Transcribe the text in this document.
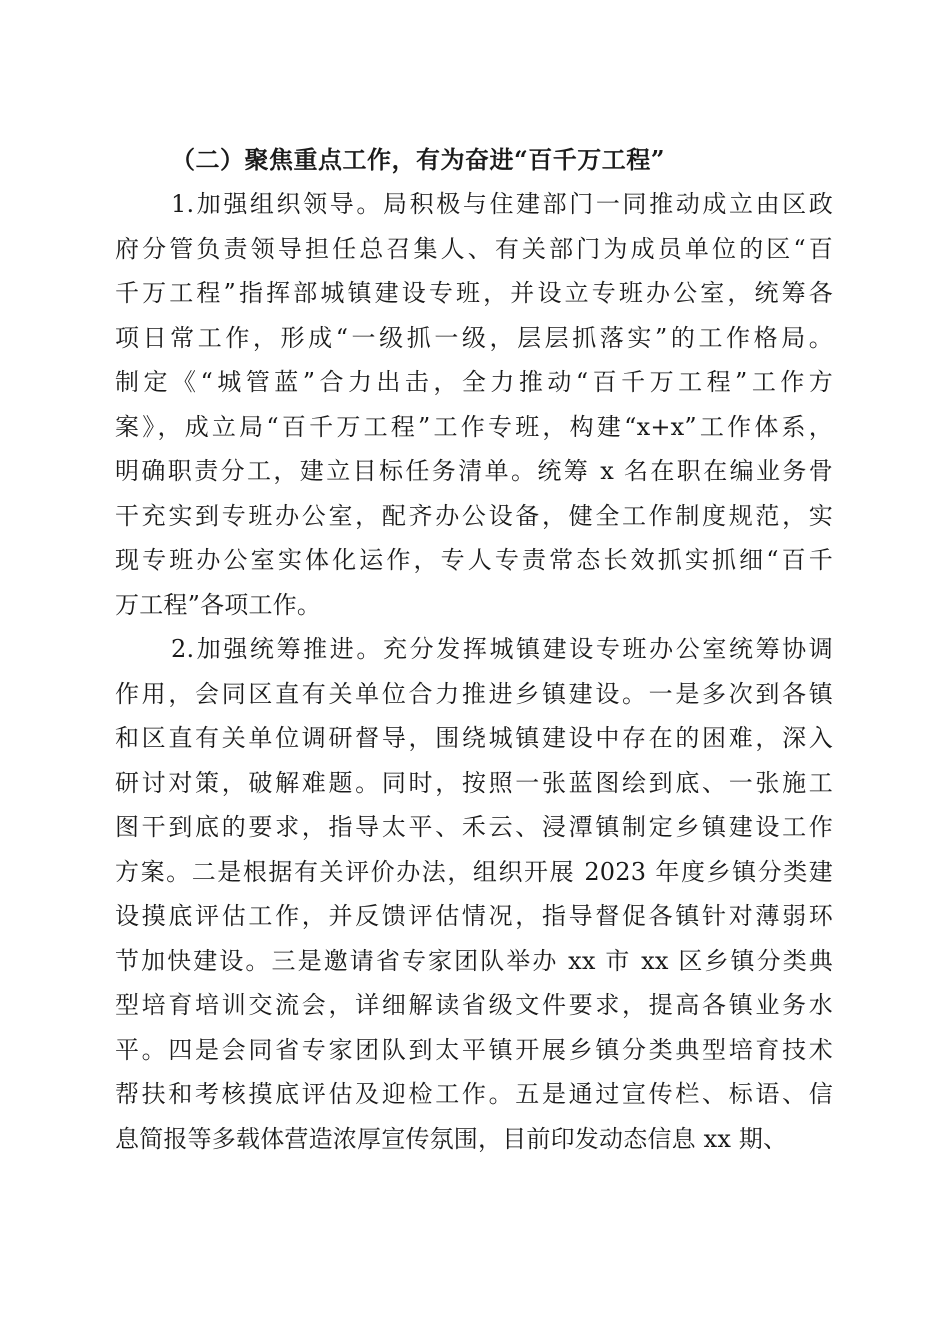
（二）聚焦重点工作，有为奋进“百千万工程”
1.加强组织领导。局积极与住建部门一同推动成立由区政
府分管负责领导担任总召集人、有关部门为成员单位的区“百
千万工程”指挥部城镇建设专班，并设立专班办公室，统筹各
项日常工作，形成“一级抓一级，层层抓落实”的工作格局。
制定《“城管蓝”合力出击，全力推动“百千万工程”工作方
案》，成立局“百千万工程”工作专班，构建“x+x”工作体系，
明确职责分工，建立目标任务清单。统筹 x 名在职在编业务骨
干充实到专班办公室，配齐办公设备，健全工作制度规范，实
现专班办公室实体化运作，专人专责常态长效抓实抓细“百千
万工程”各项工作。
2.加强统筹推进。充分发挥城镇建设专班办公室统筹协调
作用，会同区直有关单位合力推进乡镇建设。一是多次到各镇
和区直有关单位调研督导，围绕城镇建设中存在的困难，深入
研讨对策，破解难题。同时，按照一张蓝图绘到底、一张施工
图干到底的要求，指导太平、禾云、浸潭镇制定乡镇建设工作
方案。二是根据有关评价办法，组织开展 2023 年度乡镇分类建
设摸底评估工作，并反馈评估情况，指导督促各镇针对薄弱环
节加快建设。三是邀请省专家团队举办 xx 市 xx 区乡镇分类典
型培育培训交流会，详细解读省级文件要求，提高各镇业务水
平。四是会同省专家团队到太平镇开展乡镇分类典型培育技术
帮扶和考核摸底评估及迎检工作。五是通过宣传栏、标语、信
息简报等多载体营造浓厚宣传氛围，目前印发动态信息 xx 期、
